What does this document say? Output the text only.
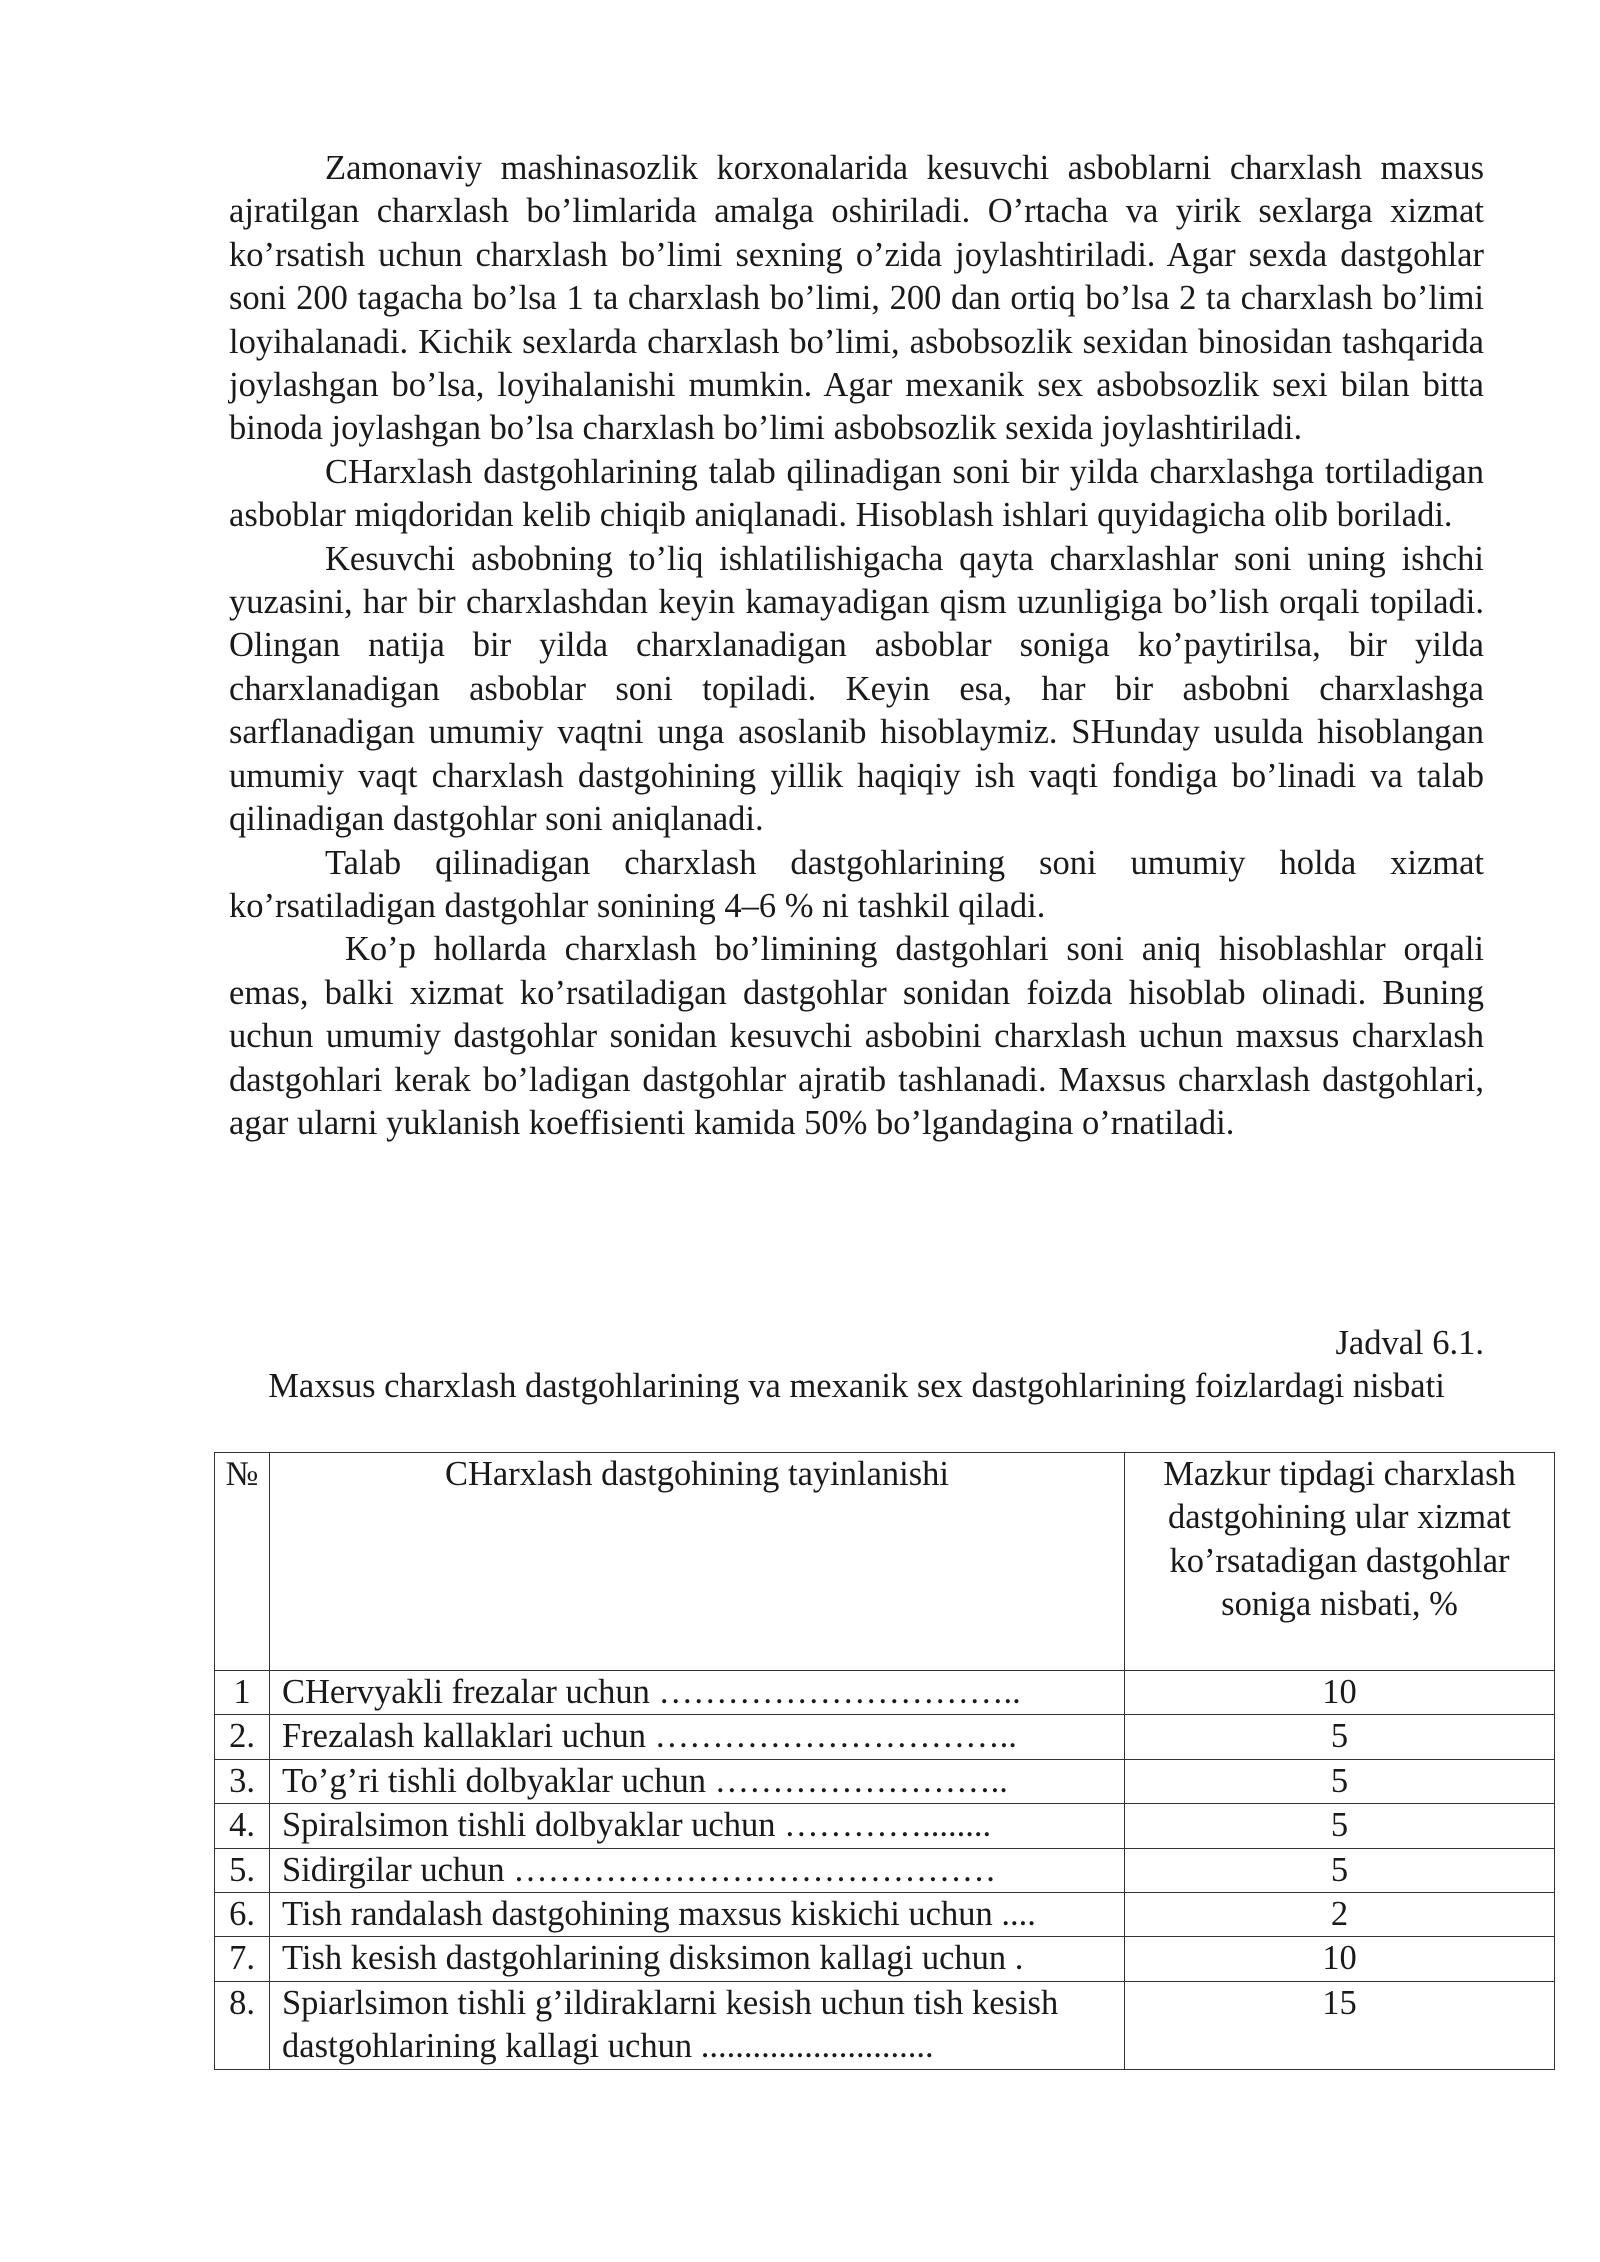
Zamonaviy mashinasozlik korxonalarida kesuvchi asboblarni charxlash maxsus ajratilgan charxlash bo’limlarida amalga oshiriladi. O’rtacha va yirik sexlarga xizmat ko’rsatish uchun charxlash bo’limi sexning o’zida joylashtiriladi. Agar sexda dastgohlar soni 200 tagacha bo’lsa 1 ta charxlash bo’limi, 200 dan ortiq bo’lsa 2 ta charxlash bo’limi loyihalanadi. Kichik sexlarda charxlash bo’limi, asbobsozlik sexidan binosidan tashqarida joylashgan bo’lsa, loyihalanishi mumkin. Agar mexanik sex asbobsozlik sexi bilan bitta binoda joylashgan bo’lsa charxlash bo’limi asbobsozlik sexida joylashtiriladi.

CHarxlash dastgohlarining talab qilinadigan soni bir yilda charxlashga tortiladigan asboblar miqdoridan kelib chiqib aniqlanadi. Hisoblash ishlari quyidagicha olib boriladi.

Kesuvchi asbobning to’liq ishlatilishigacha qayta charxlashlar soni uning ishchi yuzasini, har bir charxlashdan keyin kamayadigan qism uzunligiga bo’lish orqali topiladi. Olingan natija bir yilda charxlanadigan asboblar soniga ko’paytirilsa, bir yilda charxlanadigan asboblar soni topiladi. Keyin esa, har bir asbobni charxlashga sarflanadigan umumiy vaqtni unga asoslanib hisoblaymiz. SHunday usulda hisoblangan umumiy vaqt charxlash dastgohining yillik haqiqiy ish vaqti fondiga bo’linadi va talab qilinadigan dastgohlar soni aniqlanadi.

Talab qilinadigan charxlash dastgohlarining soni umumiy holda xizmat ko’rsatiladigan dastgohlar sonining 4–6 % ni tashkil qiladi.

Ko’p hollarda charxlash bo’limining dastgohlari soni aniq hisoblashlar orqali emas, balki xizmat ko’rsatiladigan dastgohlar sonidan foizda hisoblab olinadi. Buning uchun umumiy dastgohlar sonidan kesuvchi asbobini charxlash uchun maxsus charxlash dastgohlari kerak bo’ladigan dastgohlar ajratib tashlanadi. Maxsus charxlash dastgohlari, agar ularni yuklanish koeffisienti kamida 50% bo’lgandagina o’rnatiladi.

Jadval 6.1.
Maxsus charxlash dastgohlarining va mexanik sex dastgohlarining foizlardagi nisbati
№	CHarxlash dastgohining tayinlanishi	Mazkur tipdagi charxlash dastgohining ular xizmat ko’rsatadigan dastgohlar soniga nisbati, %
1	CHervyakli frezalar uchun …………………………..	10
2.	Frezalash kallaklari uchun …………………………..	5
3.	To’g’ri tishli dolbyaklar uchun ……………………..	5
4.	Spiralsimon tishli dolbyaklar uchun …………........	5
5.	Sidirgilar uchun ……………………………………	5
6.	Tish randalash dastgohining maxsus kiskichi uchun ....	2
7.	Tish kesish dastgohlarining disksimon kallagi uchun .	10
8.	Spiarlsimon tishli g’ildiraklarni kesish uchun tish kesish dastgohlarining kallagi uchun ...........................	15
